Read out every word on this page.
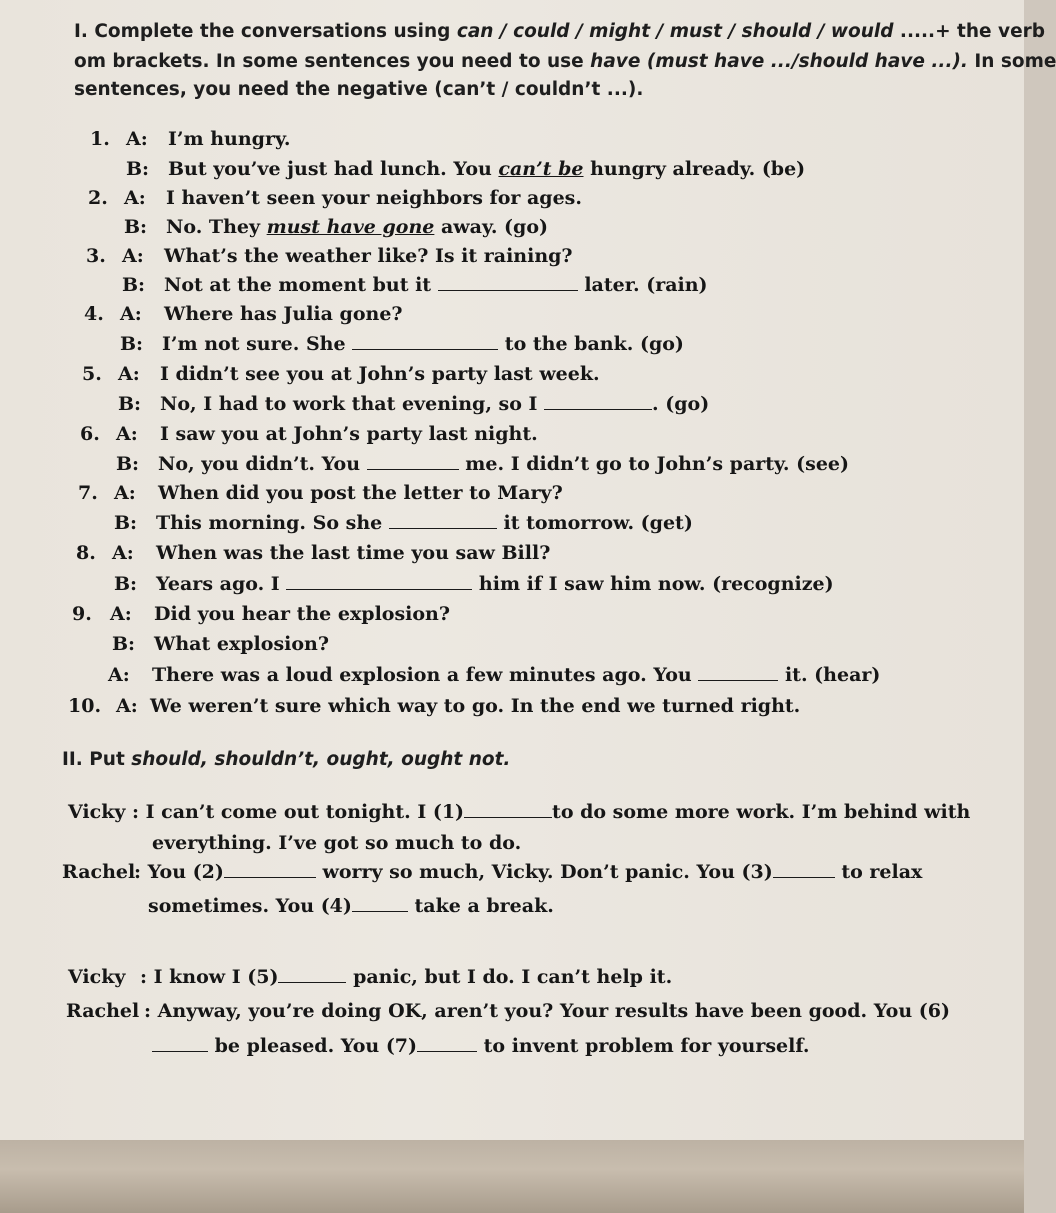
I. Complete the conversations using can / could / might / must / should / would .....+ the verb
om brackets. In some sentences you need to use have (must have .../should have ...). In some
sentences, you need the negative (can’t / couldn’t ...).
1. A: I’m hungry.
B: But you’ve just had lunch. You can’t be hungry already. (be)
2. A: I haven’t seen your neighbors for ages.
B: No. They must have gone away. (go)
3. A: What’s the weather like? Is it raining?
B: Not at the moment but it	later. (rain)
4. A: Where has Julia gone?
B: I’m not sure. She	to the bank. (go)
5. A: I didn’t see you at John’s party last week.
B: No, I had to work that evening, so I	. (go)
6. A: I saw you at John’s party last night.
B: No, you didn’t. You	me. I didn’t go to John’s party. (see)
7. A: When did you post the letter to Mary?
B: This morning. So she	it tomorrow. (get)
8. A: When was the last time you saw Bill?
B: Years ago. I	him if I saw him now. (recognize)
9. A: Did you hear the explosion?
B: What explosion?
A: There was a loud explosion a few minutes ago. You	it. (hear)
10. A: We weren’t sure which way to go. In the end we turned right.
II. Put should, shouldn’t, ought, ought not.
Vicky : I can’t come out tonight. I (1)	to do some more work. I’m behind with
everything. I’ve got so much to do.
Rachel: You (2)	worry so much, Vicky. Don’t panic. You (3)	to relax
sometimes. You (4)	take a break.
Vicky : I know I (5)	panic, but I do. I can’t help it.
Rachel : Anyway, you’re doing OK, aren’t you? Your results have been good. You (6)
be pleased. You (7)	to invent problem for yourself.
